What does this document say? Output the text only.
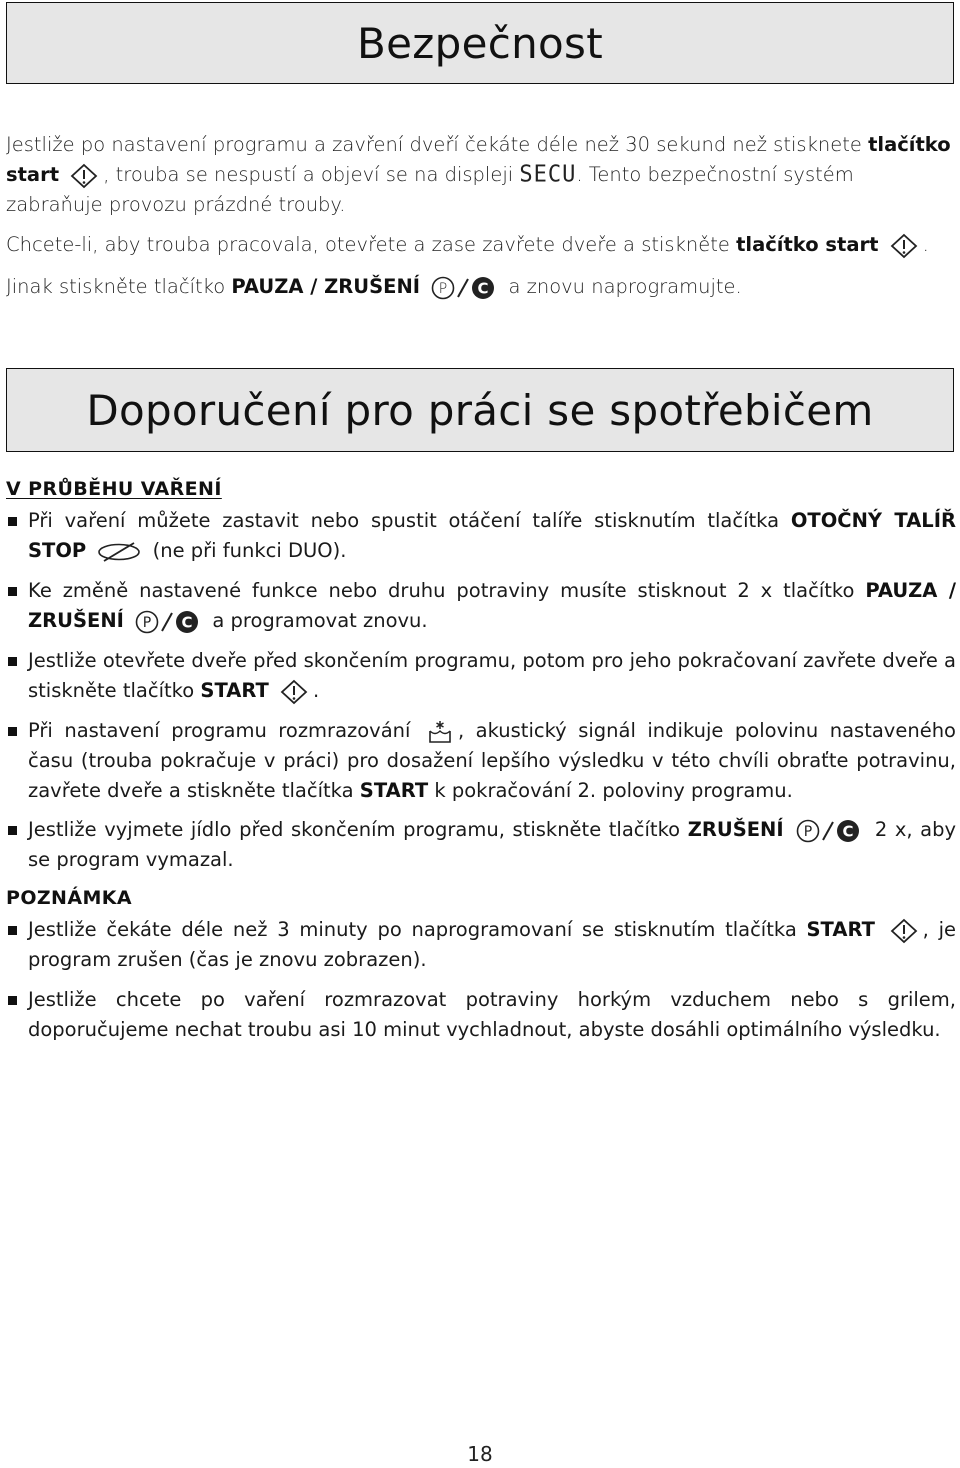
Bezpečnost
Jestliže po nastavení programu a zavření dveří čekáte déle než 30 sekund než stisknete tlačítko start , trouba se nespustí a objeví se na displeji SECU. Tento bezpečnostní systém zabraňuje provozu prázdné trouby.
Chcete-li, aby trouba pracovala, otevřete a zase zavřete dveře a stiskněte tlačítko start .
Jinak stiskněte tlačítko PAUZA / ZRUŠENÍ P C a znovu naprogramujte.
Doporučení pro práci se spotřebičem
V PRŮBĚHU VAŘENÍ
Při vaření můžete zastavit nebo spustit otáčení talíře stisknutím tlačítka OTOČNÝ TALÍŘ STOP	(ne při funkci DUO).
Ke změně nastavené funkce nebo druhu potraviny musíte stisknout 2 x tlačítko PAUZA / ZRUŠENÍ P C a programovat znovu.
Jestliže otevřete dveře před skončením programu, potom pro jeho pokračovaní zavřete dveře a stiskněte tlačítko START .
Při nastavení programu rozmrazování
, akustický signál indikuje polovinu nastaveného času (trouba pokračuje v práci) pro dosažení lepšího výsledku v této chvíli obraťte potravinu, zavřete dveře a stiskněte tlačítka START k pokračování 2. poloviny programu.
Jestliže vyjmete jídlo před skončením programu, stiskněte tlačítko ZRUŠENÍ P C 2 x, aby se program vymazal.
POZNÁMKA
Jestliže čekáte déle než 3 minuty po naprogramovaní se stisknutím tlačítka START , je program zrušen (čas je znovu zobrazen).
Jestliže chcete po vaření rozmrazovat potraviny horkým vzduchem nebo s grilem, doporučujeme nechat troubu asi 10 minut vychladnout, abyste dosáhli optimálního výsledku.
18
